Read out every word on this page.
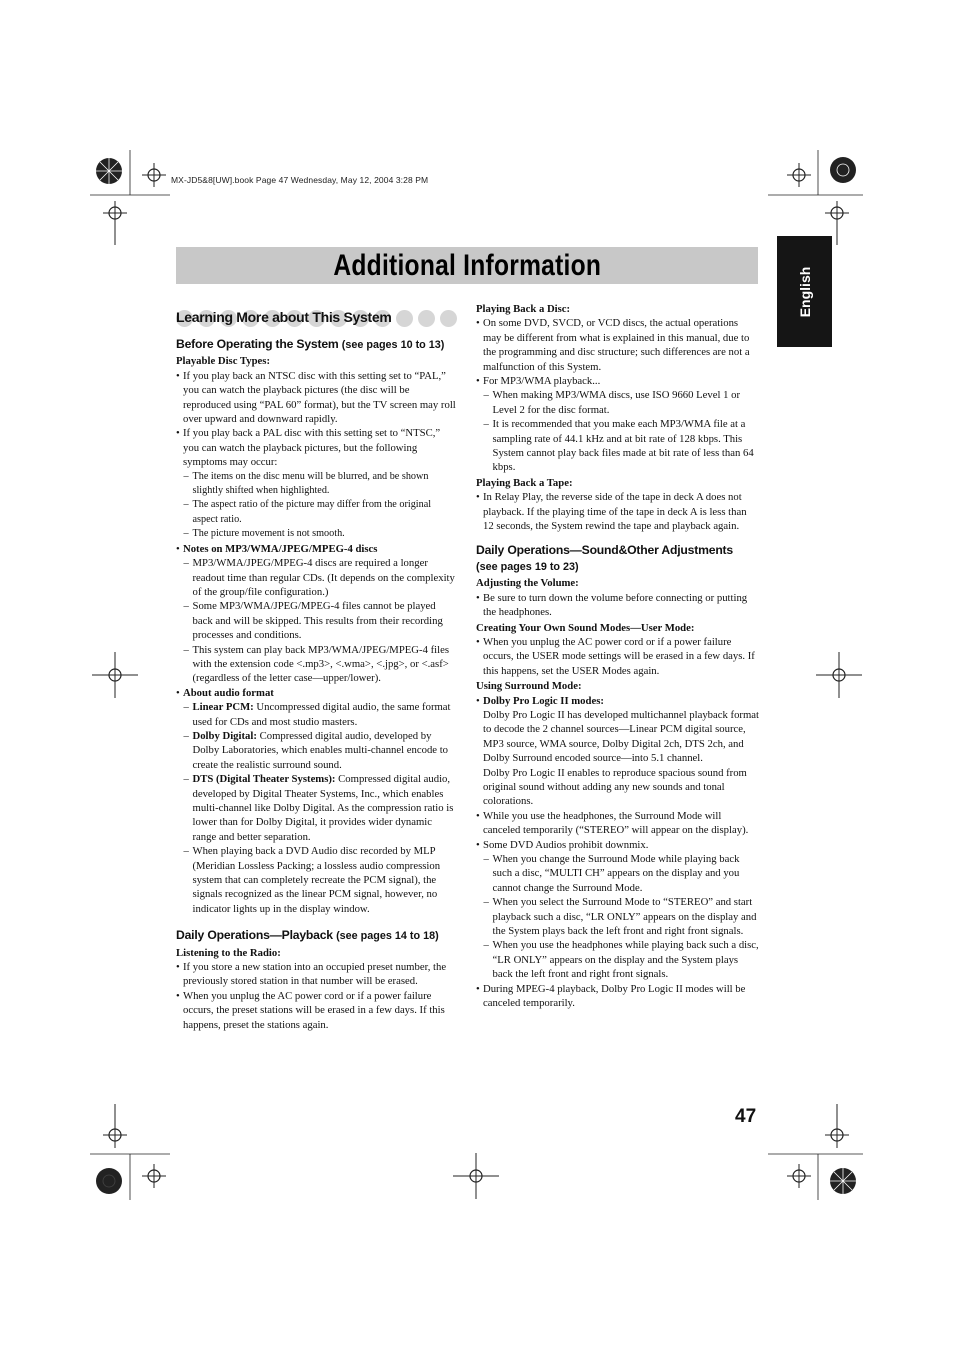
MX-JD5&8[UW].book Page 47 Wednesday, May 12, 2004 3:28 PM
Additional Information
English
Learning More about This System
Before Operating the System (see pages 10 to 13)

Playable Disc Types:

• If you play back an NTSC disc with this setting set to “PAL,” you can watch the playback pictures (the disc will be reproduced using “PAL 60” format), but the TV screen may roll over upward and downward rapidly.
• If you play back a PAL disc with this setting set to “NTSC,” you can watch the playback pictures, but the following symptoms may occur:
– The items on the disc menu will be blurred, and be shown slightly shifted when highlighted.
– The aspect ratio of the picture may differ from the original aspect ratio.
– The picture movement is not smooth.
• Notes on MP3/WMA/JPEG/MPEG-4 discs
– MP3/WMA/JPEG/MPEG-4 discs are required a longer readout time than regular CDs. (It depends on the complexity of the group/file configuration.)
– Some MP3/WMA/JPEG/MPEG-4 files cannot be played back and will be skipped. This results from their recording processes and conditions.
– This system can play back MP3/WMA/JPEG/MPEG-4 files with the extension code <.mp3>, <.wma>, <.jpg>, or <.asf> (regardless of the letter case—upper/lower).
• About audio format
– Linear PCM: Uncompressed digital audio, the same format used for CDs and most studio masters.
– Dolby Digital: Compressed digital audio, developed by Dolby Laboratories, which enables multi-channel encode to create the realistic surround sound.
– DTS (Digital Theater Systems): Compressed digital audio, developed by Digital Theater Systems, Inc., which enables multi-channel like Dolby Digital. As the compression ratio is lower than for Dolby Digital, it provides wider dynamic range and better separation.
– When playing back a DVD Audio disc recorded by MLP (Meridian Lossless Packing; a lossless audio compression system that can completely recreate the PCM signal), the signals recognized as the linear PCM signal, however, no indicator lights up in the display window.
Daily Operations—Playback (see pages 14 to 18)

Listening to the Radio:

• If you store a new station into an occupied preset number, the previously stored station in that number will be erased.
• When you unplug the AC power cord or if a power failure occurs, the preset stations will be erased in a few days. If this happens, preset the stations again.

Playing Back a Disc:

• On some DVD, SVCD, or VCD discs, the actual operations may be different from what is explained in this manual, due to the programming and disc structure; such differences are not a malfunction of this System.
• For MP3/WMA playback...
– When making MP3/WMA discs, use ISO 9660 Level 1 or Level 2 for the disc format.
– It is recommended that you make each MP3/WMA file at a sampling rate of 44.1 kHz and at bit rate of 128 kbps. This System cannot play back files made at bit rate of less than 64 kbps.

Playing Back a Tape:

• In Relay Play, the reverse side of the tape in deck A does not playback. If the playing time of the tape in deck A is less than 12 seconds, the System rewind the tape and playback again.
Daily Operations—Sound&Other Adjustments
(see pages 19 to 23)

Adjusting the Volume:

• Be sure to turn down the volume before connecting or putting the headphones.

Creating Your Own Sound Modes—User Mode:

• When you unplug the AC power cord or if a power failure occurs, the USER mode settings will be erased in a few days. If this happens, set the USER Modes again.

Using Surround Mode:

• Dolby Pro Logic II modes:

Dolby Pro Logic II has developed multichannel playback format to decode the 2 channel sources—Linear PCM digital source, MP3 source, WMA source, Dolby Digital 2ch, DTS 2ch, and Dolby Surround encoded source—into 5.1 channel.

Dolby Pro Logic II enables to reproduce spacious sound from original sound without adding any new sounds and tonal colorations.

• While you use the headphones, the Surround Mode will canceled temporarily (“STEREO” will appear on the display).
• Some DVD Audios prohibit downmix.
– When you change the Surround Mode while playing back such a disc, “MULTI CH” appears on the display and you cannot change the Surround Mode.
– When you select the Surround Mode to “STEREO” and start playback such a disc, “LR ONLY” appears on the display and the System plays back the left front and right front signals.
– When you use the headphones while playing back such a disc, “LR ONLY” appears on the display and the System plays back the left front and right front signals.
• During MPEG-4 playback, Dolby Pro Logic II modes will be canceled temporarily.
47
